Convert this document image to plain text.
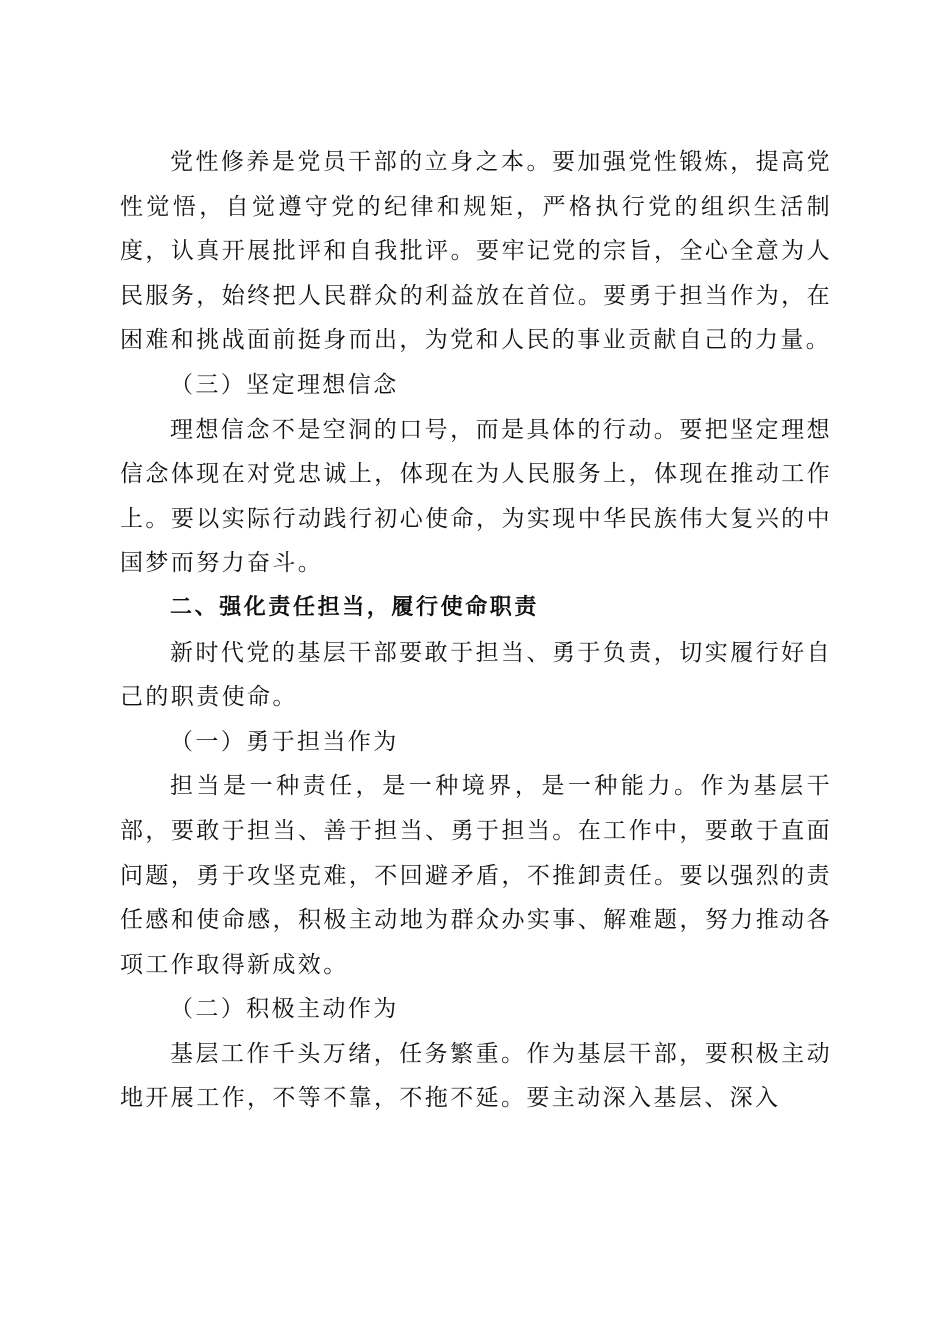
党性修养是党员干部的立身之本。要加强党性锻炼，提高党性觉悟，自觉遵守党的纪律和规矩，严格执行党的组织生活制度，认真开展批评和自我批评。要牢记党的宗旨，全心全意为人民服务，始终把人民群众的利益放在首位。要勇于担当作为，在困难和挑战面前挺身而出，为党和人民的事业贡献自己的力量。

（三）坚定理想信念

理想信念不是空洞的口号，而是具体的行动。要把坚定理想信念体现在对党忠诚上，体现在为人民服务上，体现在推动工作上。要以实际行动践行初心使命，为实现中华民族伟大复兴的中国梦而努力奋斗。

二、强化责任担当，履行使命职责

新时代党的基层干部要敢于担当、勇于负责，切实履行好自己的职责使命。

（一）勇于担当作为

担当是一种责任，是一种境界，是一种能力。作为基层干部，要敢于担当、善于担当、勇于担当。在工作中，要敢于直面问题，勇于攻坚克难，不回避矛盾，不推卸责任。要以强烈的责任感和使命感，积极主动地为群众办实事、解难题，努力推动各项工作取得新成效。

（二）积极主动作为

基层工作千头万绪，任务繁重。作为基层干部，要积极主动地开展工作，不等不靠，不拖不延。要主动深入基层、深入
